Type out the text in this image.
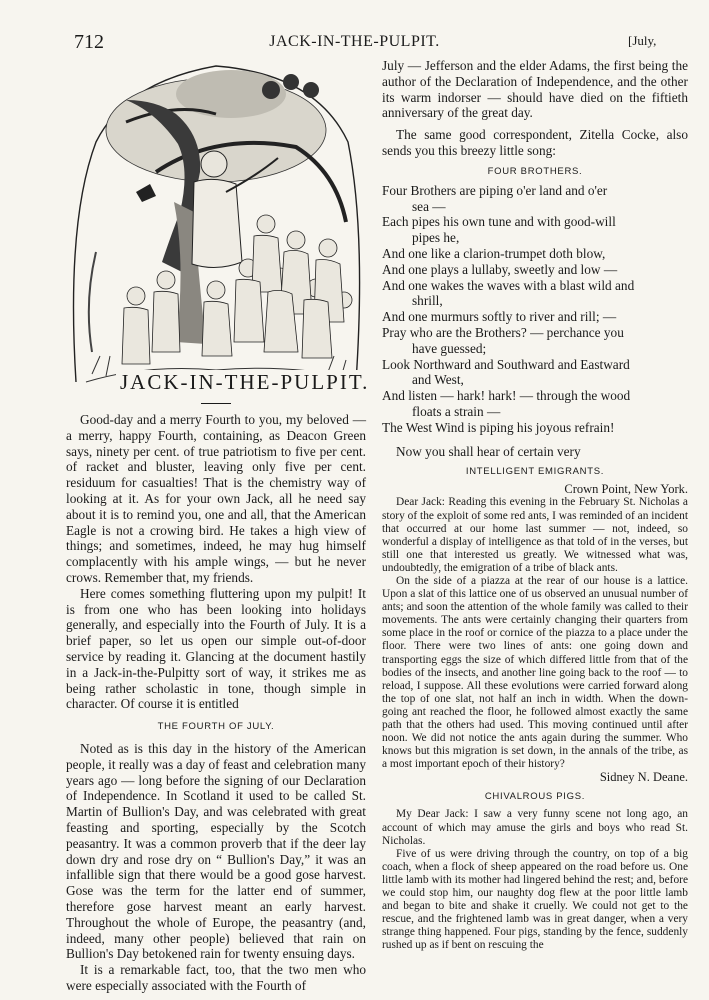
712	JACK-IN-THE-PULPIT.	[July,
JACK-IN-THE-PULPIT.

Good-day and a merry Fourth to you, my beloved — a merry, happy Fourth, containing, as Deacon Green says, ninety per cent. of true patriotism to five per cent. of racket and bluster, leaving only five per cent. residuum for casualties! That is the chemistry way of looking at it. As for your own Jack, all he need say about it is to remind you, one and all, that the American Eagle is not a crowing bird. He takes a high view of things; and sometimes, indeed, he may hug himself complacently with his ample wings, — but he never crows. Remember that, my friends.

Here comes something fluttering upon my pulpit! It is from one who has been looking into holidays generally, and especially into the Fourth of July. It is a brief paper, so let us open our simple out-of-door service by reading it. Glancing at the document hastily in a Jack-in-the-Pulpitty sort of way, it strikes me as being rather scholastic in tone, though simple in character. Of course it is entitled

THE FOURTH OF JULY.

Noted as is this day in the history of the American people, it really was a day of feast and celebration many years ago — long before the signing of our Declaration of Independence. In Scotland it used to be called St. Martin of Bullion's Day, and was celebrated with great feasting and sporting, especially by the Scotch peasantry. It was a common proverb that if the deer lay down dry and rose dry on “ Bullion's Day,” it was an infallible sign that there would be a good gose harvest. Gose was the term for the latter end of summer, therefore gose harvest meant an early harvest. Throughout the whole of Europe, the peasantry (and, indeed, many other people) believed that rain on Bullion's Day betokened rain for twenty ensuing days.

It is a remarkable fact, too, that the two men who were especially associated with the Fourth of

July — Jefferson and the elder Adams, the first being the author of the Declaration of Independence, and the other its warm indorser — should have died on the fiftieth anniversary of the great day.

The same good correspondent, Zitella Cocke, also sends you this breezy little song:

FOUR BROTHERS.
Four Brothers are piping o'er land and o'er
sea —
Each pipes his own tune and with good-will
pipes he,
And one like a clarion-trumpet doth blow,
And one plays a lullaby, sweetly and low —
And one wakes the waves with a blast wild and
shrill,
And one murmurs softly to river and rill; —
Pray who are the Brothers? — perchance you
have guessed;
Look Northward and Southward and Eastward
and West,
And listen — hark! hark! — through the wood
floats a strain —
The West Wind is piping his joyous refrain!

Now you shall hear of certain very

INTELLIGENT EMIGRANTS.

Crown Point, New York.

Dear Jack: Reading this evening in the February St. Nicholas a story of the exploit of some red ants, I was reminded of an incident that occurred at our home last summer — not, indeed, so wonderful a display of intelligence as that told of in the verses, but still one that interested us greatly. We witnessed what was, undoubtedly, the emigration of a tribe of black ants.

On the side of a piazza at the rear of our house is a lattice. Upon a slat of this lattice one of us observed an unusual number of ants; and soon the attention of the whole family was called to their movements. The ants were certainly changing their quarters from some place in the roof or cornice of the piazza to a place under the floor. There were two lines of ants: one going down and transporting eggs the size of which differed little from that of the bodies of the insects, and another line going back to the roof — to reload, I suppose. All these evolutions were carried forward along the top of one slat, not half an inch in width. When the down-going ant reached the floor, he followed almost exactly the same path that the others had used. This moving continued until after noon. We did not notice the ants again during the summer. Who knows but this migration is set down, in the annals of the tribe, as a most important epoch of their history?

Sidney N. Deane.

CHIVALROUS PIGS.

My Dear Jack: I saw a very funny scene not long ago, an account of which may amuse the girls and boys who read St. Nicholas.

Five of us were driving through the country, on top of a big coach, when a flock of sheep appeared on the road before us. One little lamb with its mother had lingered behind the rest; and, before we could stop him, our naughty dog flew at the poor little lamb and began to bite and shake it cruelly. We could not get to the rescue, and the frightened lamb was in great danger, when a very strange thing happened. Four pigs, standing by the fence, suddenly rushed up as if bent on rescuing the
